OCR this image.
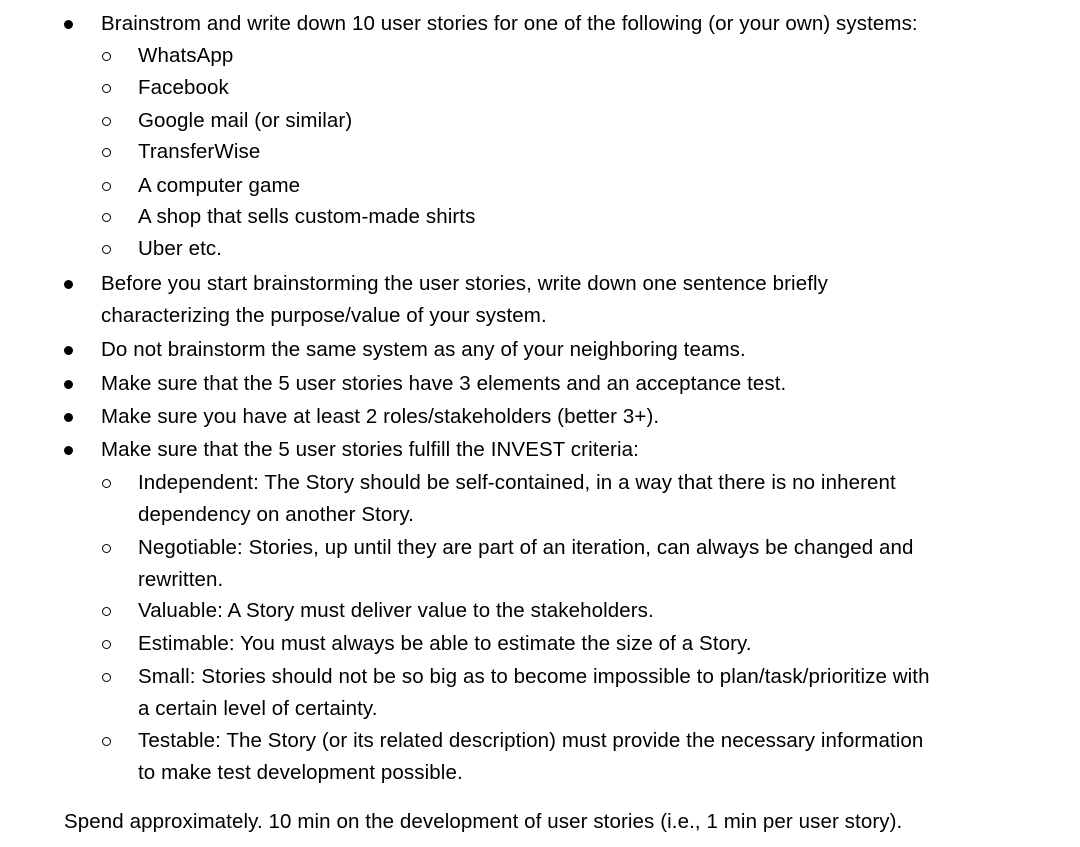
Brainstrom and write down 10 user stories for one of the following (or your own) systems:
WhatsApp
Facebook
Google mail (or similar)
TransferWise
A computer game
A shop that sells custom-made shirts
Uber etc.
Before you start brainstorming the user stories, write down one sentence briefly
characterizing the purpose/value of your system.
Do not brainstorm the same system as any of your neighboring teams.
Make sure that the 5 user stories have 3 elements and an acceptance test.
Make sure you have at least 2 roles/stakeholders (better 3+).
Make sure that the 5 user stories fulfill the INVEST criteria:
Independent: The Story should be self-contained, in a way that there is no inherent
dependency on another Story.
Negotiable: Stories, up until they are part of an iteration, can always be changed and
rewritten.
Valuable: A Story must deliver value to the stakeholders.
Estimable: You must always be able to estimate the size of a Story.
Small: Stories should not be so big as to become impossible to plan/task/prioritize with
a certain level of certainty.
Testable: The Story (or its related description) must provide the necessary information
to make test development possible.
Spend approximately. 10 min on the development of user stories (i.e., 1 min per user story).
